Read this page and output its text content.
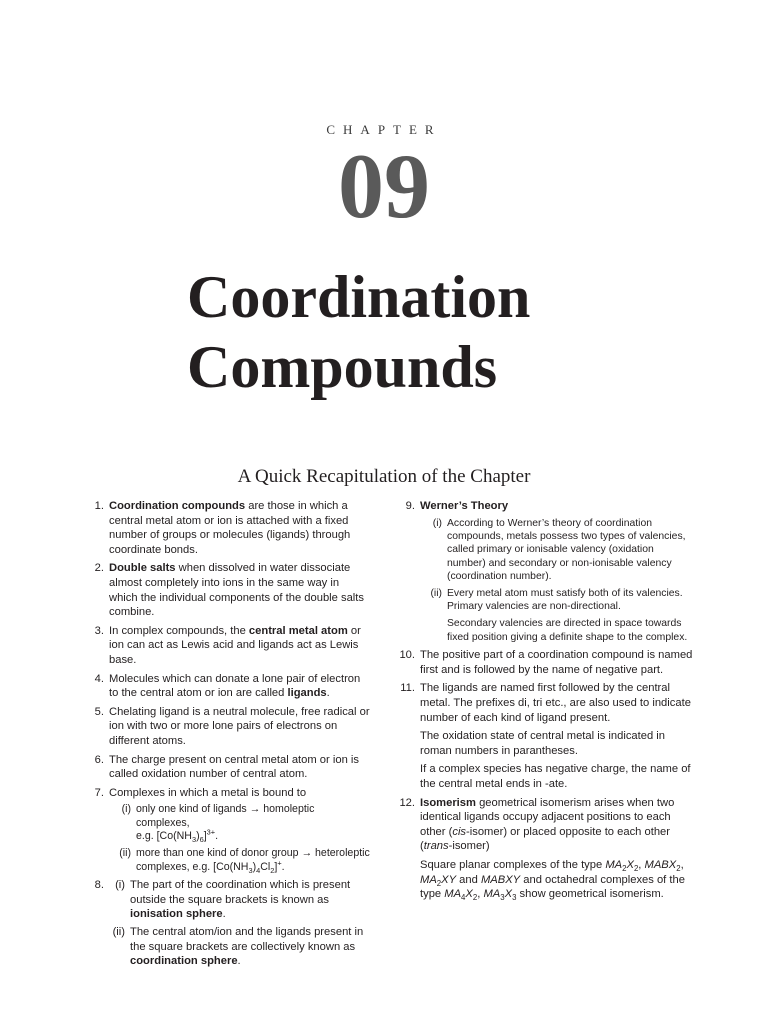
CHAPTER
09
Coordination
Compounds
A Quick Recapitulation of the Chapter
1. Coordination compounds are those in which a central metal atom or ion is attached with a fixed number of groups or molecules (ligands) through coordinate bonds.

2. Double salts when dissolved in water dissociate almost completely into ions in the same way in which the individual components of the double salts combine.

3. In complex compounds, the central metal atom or ion can act as Lewis acid and ligands act as Lewis base.

4. Molecules which can donate a lone pair of electron to the central atom or ion are called ligands.

5. Chelating ligand is a neutral molecule, free radical or ion with two or more lone pairs of electrons on different atoms.

6. The charge present on central metal atom or ion is called oxidation number of central atom.

7. Complexes in which a metal is bound to

(i) only one kind of ligands → homoleptic complexes,
e.g. $[Co(NH_3)_6]^{3+}$.

(ii) more than one kind of donor group → heteroleptic complexes, e.g. $[Co(NH_3)_4Cl_2]^+$.

8. (i) The part of the coordination which is present outside the square brackets is known as ionisation sphere.

(ii) The central atom/ion and the ligands present in the square brackets are collectively known as coordination sphere.

9. Werner’s Theory

(i) According to Werner’s theory of coordination compounds, metals possess two types of valencies, called primary or ionisable valency (oxidation number) and secondary or non-ionisable valency (coordination number).

(ii) Every metal atom must satisfy both of its valencies. Primary valencies are non-directional.

Secondary valencies are directed in space towards fixed position giving a definite shape to the complex.

10. The positive part of a coordination compound is named first and is followed by the name of negative part.

11. The ligands are named first followed by the central metal. The prefixes di, tri etc., are also used to indicate number of each kind of ligand present.

The oxidation state of central metal is indicated in roman numbers in parantheses.

If a complex species has negative charge, the name of the central metal ends in -ate.

12. Isomerism geometrical isomerism arises when two identical ligands occupy adjacent positions to each other (cis-isomer) or placed opposite to each other (trans-isomer)

Square planar complexes of the type $MA_2X_2$, $MABX_2$, $MA_2XY$ and MABXY and octahedral complexes of the type $MA_4X_2$, $MA_3X_3$ show geometrical isomerism.
